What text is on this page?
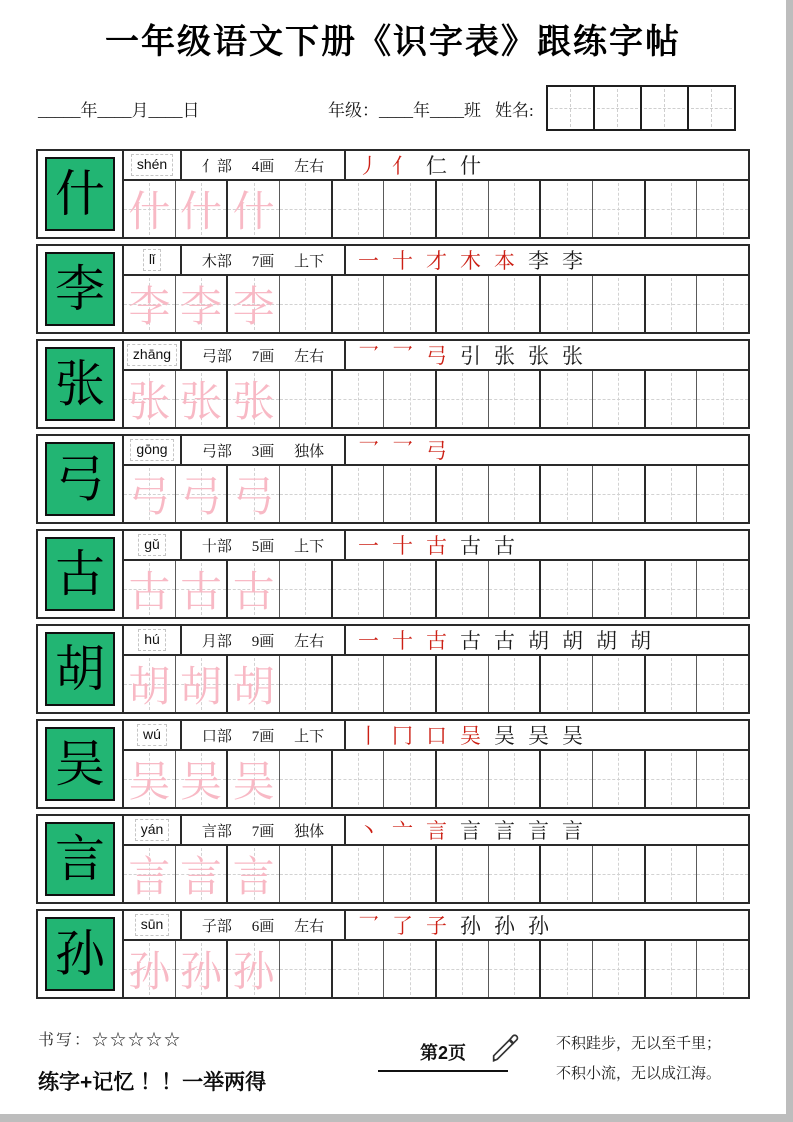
一年级语文下册《识字表》跟练字帖
_____年____月____日	年级：____年____班 姓名:
什
shén	亻部 4画 左右 丿 亻 仁 什
什 什 什
李
lǐ	木部 7画 上下 一 十 才 木 本 李 李
李 李 李
张
zhāng	弓部 7画 左右 乛 乛 弓 引 张 张 张
张 张 张
弓
gōng	弓部 3画 独体 乛 乛 弓
弓 弓 弓
古
gǔ	十部 5画 上下 一 十 古 古 古
古 古 古
胡
hú	月部 9画 左右 一 十 古 古 古 胡 胡 胡 胡
胡 胡 胡
吴
wú	口部 7画 上下 丨 冂 口 吴 吴 吴 吴
吴 吴 吴
言
yán	言部 7画 独体 丶 亠 言 言 言 言 言
言 言 言
孙
sūn	子部 6画 左右 乛 了 子 孙 孙 孙
孙 孙 孙
书写：☆☆☆☆☆
练字+记忆 ！！一举两得
第2页	不积跬步，无以至千里；
不积小流，无以成江海。
